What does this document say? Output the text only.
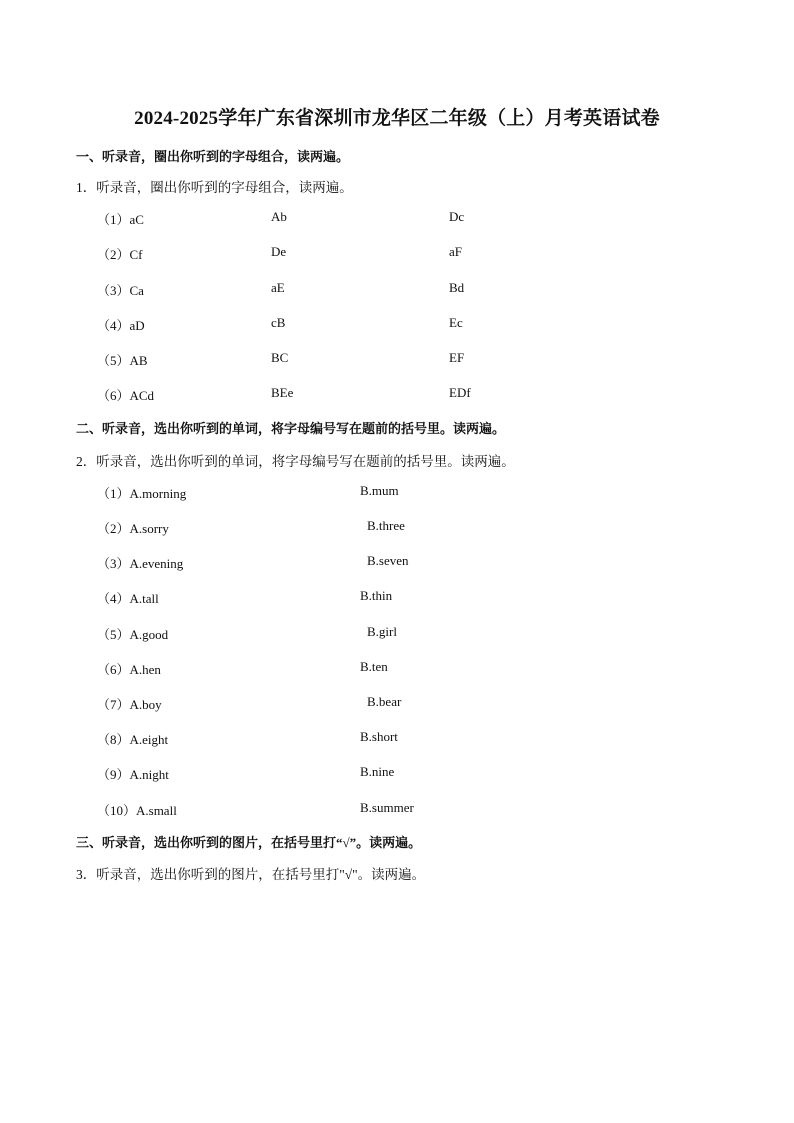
2024-2025学年广东省深圳市龙华区二年级（上）月考英语试卷
一、听录音，圈出你听到的字母组合，读两遍。
1．听录音，圈出你听到的字母组合，读两遍。
（1）aC	Ab	Dc
（2）Cf	De	aF
（3）Ca	aE	Bd
（4）aD	cB	Ec
（5）AB	BC	EF
（6）ACd	BEe	EDf
二、听录音，选出你听到的单词，将字母编号写在题前的括号里。读两遍。
2．听录音，选出你听到的单词，将字母编号写在题前的括号里。读两遍。
（1）A.morning	B.mum
（2）A.sorry	B.three
（3）A.evening	B.seven
（4）A.tall	B.thin
（5）A.good	B.girl
（6）A.hen	B.ten
（7）A.boy	B.bear
（8）A.eight	B.short
（9）A.night	B.nine
（10）A.small	B.summer
三、听录音，选出你听到的图片，在括号里打“√”。读两遍。
3．听录音，选出你听到的图片，在括号里打"√"。读两遍。
